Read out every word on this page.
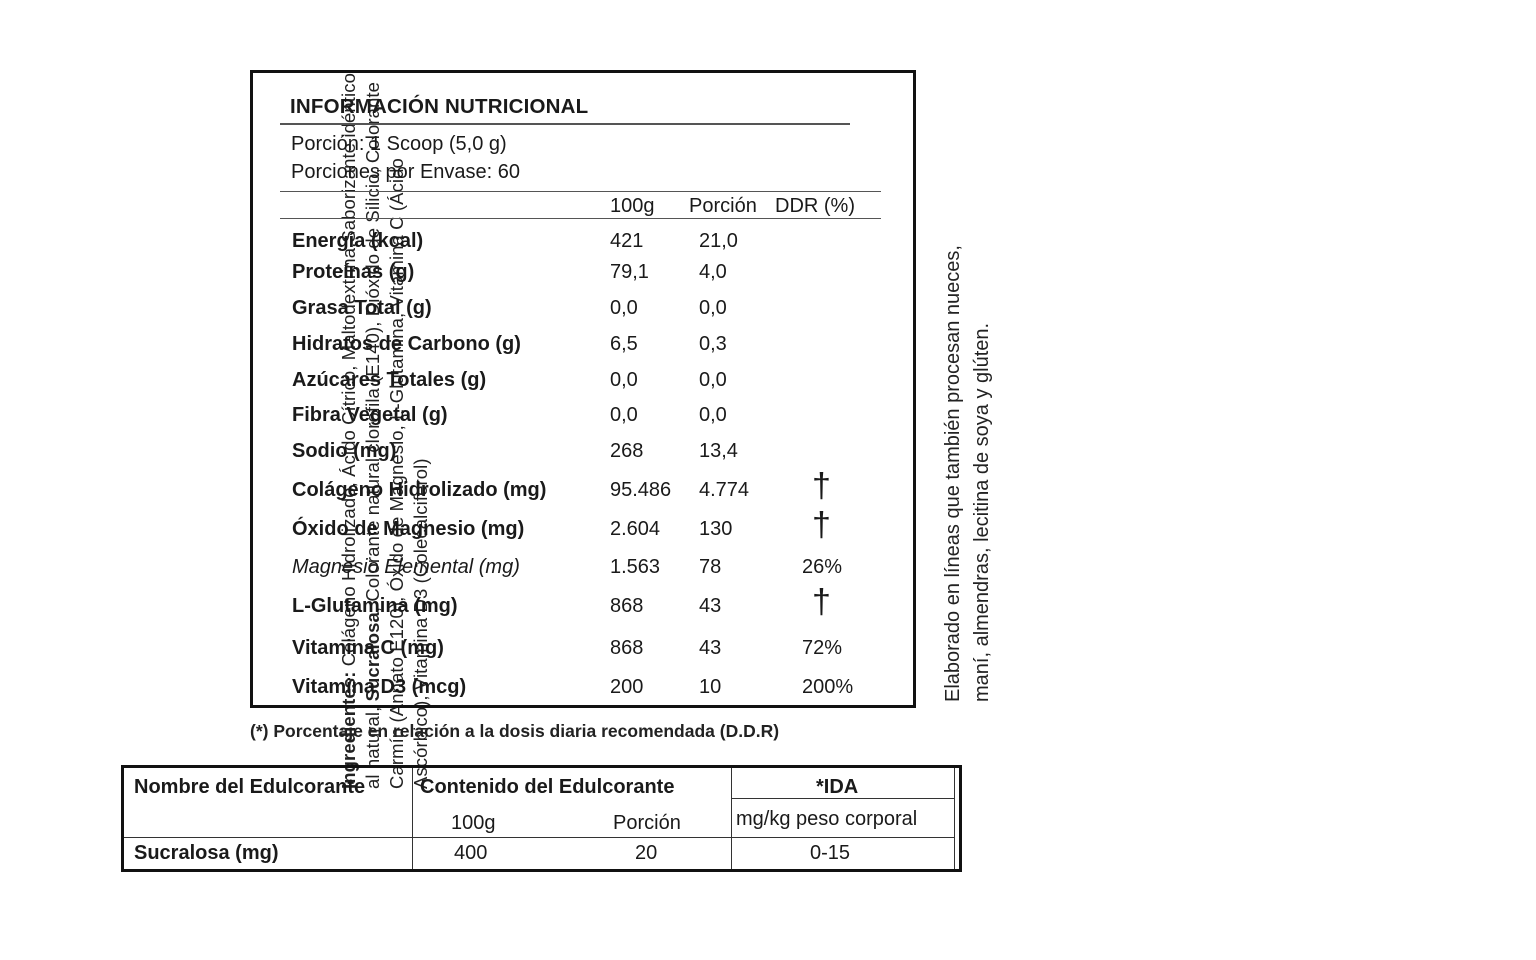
Ingredientes: Colágeno Hidrolizado, Ácido Cítrico, Maltodextrina,Saborizante idéntico al natural, Sucralosa, Colorante natural clorofila (E140), Dióxido de Silicio, Colorante Carmín (Annato E120), Óxido de Magnesio, L-Glutamina, Vitamina C (Ácido Ascórbico), Vitamina D3 (Colecalciferol)	Elaborado en líneas que también procesan nueces, maní, almendras, lecitina de soya y glúten.
INFORMACIÓN NUTRICIONAL
Porción: 1 Scoop (5,0 g)
Porciones por Envase: 60
100g Porción DDR (%)
Energía (kcal)	421	21,0
Proteínas (g)	79,1	4,0
Grasa Total (g)	0,0	0,0
Hidratos de Carbono (g)	6,5	0,3
Azúcares Totales (g)	0,0	0,0
Fibra Vegetal (g)	0,0	0,0
Sodio (mg)	268	13,4
Colágeno Hidrolizado (mg)	95.486 4.774 †
Óxido de Magnesio (mg)	2.604 130 †
Magnesio Elemental (mg)	1.563 78	26%
L-Glutamina (mg)	868	43	†
Vitamina C (mg)	868	43	72%
Vitamina D3 (mcg)	200	10	200%
(*) Porcentaje en relación a la dosis diaria recomendada (D.D.R)
Nombre del Edulcorante	Contenido del Edulcorante	*IDA
100g	Porción	mg/kg peso corporal
Sucralosa (mg)	400	20	0-15
